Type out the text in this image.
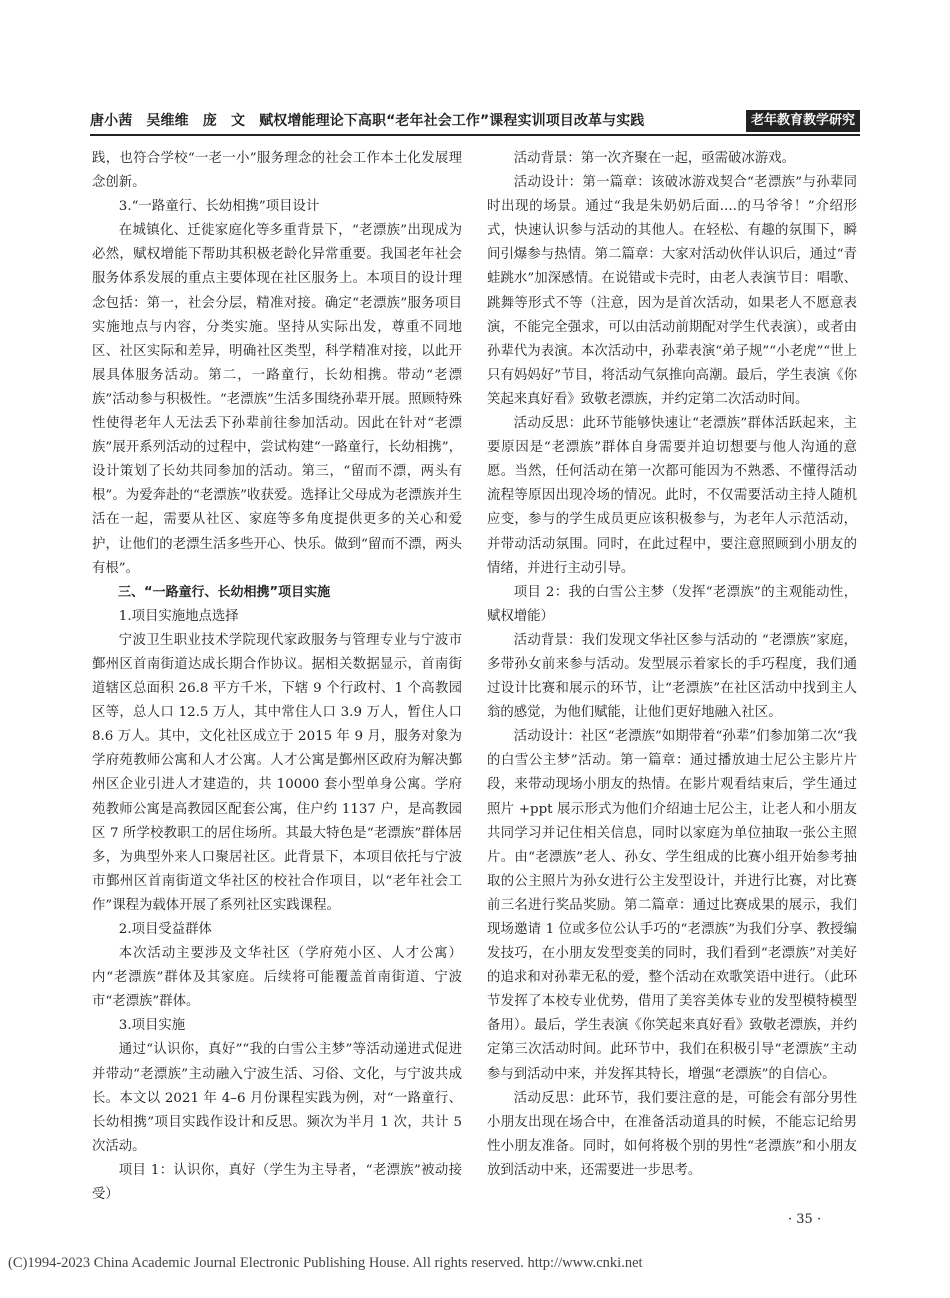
唐小茜　吴维维　庞　文　赋权增能理论下高职“老年社会工作”课程实训项目改革与实践	老年教育教学研究

践，也符合学校“一老一小”服务理念的社会工作本土化发展理念创新。

3.“一路童行、长幼相携”项目设计

在城镇化、迁徙家庭化等多重背景下，“老漂族”出现成为必然，赋权增能下帮助其积极老龄化异常重要。我国老年社会服务体系发展的重点主要体现在社区服务上。本项目的设计理念包括：第一，社会分层，精准对接。确定“老漂族”服务项目实施地点与内容，分类实施。坚持从实际出发，尊重不同地区、社区实际和差异，明确社区类型，科学精准对接，以此开展具体服务活动。第二，一路童行，长幼相携。带动“老漂族”活动参与积极性。“老漂族”生活多围绕孙辈开展。照顾特殊性使得老年人无法丢下孙辈前往参加活动。因此在针对“老漂族”展开系列活动的过程中，尝试构建“一路童行，长幼相携”，设计策划了长幼共同参加的活动。第三，“留而不漂，两头有根”。为爱奔赴的“老漂族”收获爱。选择让父母成为老漂族并生活在一起，需要从社区、家庭等多角度提供更多的关心和爱护，让他们的老漂生活多些开心、快乐。做到“留而不漂，两头有根”。

三、“一路童行、长幼相携”项目实施

1.项目实施地点选择

宁波卫生职业技术学院现代家政服务与管理专业与宁波市鄞州区首南街道达成长期合作协议。据相关数据显示，首南街道辖区总面积 26.8 平方千米，下辖 9 个行政村、1 个高教园区等，总人口 12.5 万人，其中常住人口 3.9 万人，暂住人口 8.6 万人。其中，文化社区成立于 2015 年 9 月，服务对象为学府苑教师公寓和人才公寓。人才公寓是鄞州区政府为解决鄞州区企业引进人才建造的，共 10000 套小型单身公寓。学府苑教师公寓是高教园区配套公寓，住户约 1137 户，是高教园区 7 所学校教职工的居住场所。其最大特色是“老漂族”群体居多，为典型外来人口聚居社区。此背景下，本项目依托与宁波市鄞州区首南街道文华社区的校社合作项目，以“老年社会工作”课程为载体开展了系列社区实践课程。

2.项目受益群体

本次活动主要涉及文华社区（学府苑小区、人才公寓）内“老漂族”群体及其家庭。后续将可能覆盖首南街道、宁波市“老漂族”群体。

3.项目实施

通过“认识你，真好”“我的白雪公主梦”等活动递进式促进并带动“老漂族”主动融入宁波生活、习俗、文化，与宁波共成长。本文以 2021 年 4–6 月份课程实践为例，对“一路童行、长幼相携”项目实践作设计和反思。频次为半月 1 次，共计 5 次活动。

项目 1：认识你，真好（学生为主导者，“老漂族”被动接受）

活动背景：第一次齐聚在一起，亟需破冰游戏。

活动设计：第一篇章：该破冰游戏契合“老漂族”与孙辈同时出现的场景。通过“我是朱奶奶后面....的马爷爷！”介绍形式，快速认识参与活动的其他人。在轻松、有趣的氛围下，瞬间引爆参与热情。第二篇章：大家对活动伙伴认识后，通过“青蛙跳水”加深感情。在说错或卡壳时，由老人表演节目：唱歌、跳舞等形式不等（注意，因为是首次活动，如果老人不愿意表演，不能完全强求，可以由活动前期配对学生代表演），或者由孙辈代为表演。本次活动中，孙辈表演“弟子规”“小老虎”“世上只有妈妈好”节目，将活动气氛推向高潮。最后，学生表演《你笑起来真好看》致敬老漂族，并约定第二次活动时间。

活动反思：此环节能够快速让“老漂族”群体活跃起来，主要原因是“老漂族”群体自身需要并迫切想要与他人沟通的意愿。当然，任何活动在第一次都可能因为不熟悉、不懂得活动流程等原因出现冷场的情况。此时，不仅需要活动主持人随机应变，参与的学生成员更应该积极参与，为老年人示范活动，并带动活动氛围。同时，在此过程中，要注意照顾到小朋友的情绪，并进行主动引导。

项目 2：我的白雪公主梦（发挥“老漂族”的主观能动性，赋权增能）

活动背景：我们发现文华社区参与活动的 “老漂族”家庭，多带孙女前来参与活动。发型展示着家长的手巧程度，我们通过设计比赛和展示的环节，让“老漂族”在社区活动中找到主人翁的感觉，为他们赋能，让他们更好地融入社区。

活动设计：社区“老漂族”如期带着“孙辈”们参加第二次“我的白雪公主梦”活动。第一篇章：通过播放迪士尼公主影片片段，来带动现场小朋友的热情。在影片观看结束后，学生通过照片 +ppt 展示形式为他们介绍迪士尼公主，让老人和小朋友共同学习并记住相关信息，同时以家庭为单位抽取一张公主照片。由“老漂族”老人、孙女、学生组成的比赛小组开始参考抽取的公主照片为孙女进行公主发型设计，并进行比赛，对比赛前三名进行奖品奖励。第二篇章：通过比赛成果的展示，我们现场邀请 1 位或多位公认手巧的“老漂族”为我们分享、教授编发技巧，在小朋友发型变美的同时，我们看到“老漂族”对美好的追求和对孙辈无私的爱，整个活动在欢歌笑语中进行。（此环节发挥了本校专业优势，借用了美容美体专业的发型模特模型备用）。最后，学生表演《你笑起来真好看》致敬老漂族，并约定第三次活动时间。此环节中，我们在积极引导“老漂族”主动参与到活动中来，并发挥其特长，增强“老漂族”的自信心。

活动反思：此环节，我们要注意的是，可能会有部分男性小朋友出现在场合中，在准备活动道具的时候，不能忘记给男性小朋友准备。同时，如何将极个别的男性“老漂族”和小朋友放到活动中来，还需要进一步思考。

· 35 ·
(C)1994-2023 China Academic Journal Electronic Publishing House. All rights reserved. http://www.cnki.net
